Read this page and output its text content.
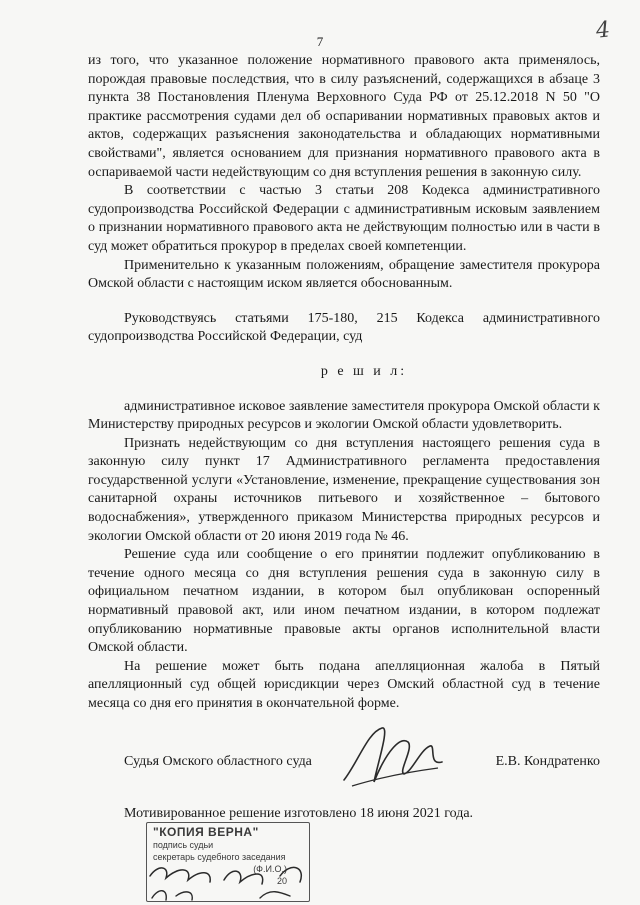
7	4

из того, что указанное положение нормативного правового акта применялось, порождая правовые последствия, что в силу разъяснений, содержащихся в абзаце 3 пункта 38 Постановления Пленума Верховного Суда РФ от 25.12.2018 N 50 "О практике рассмотрения судами дел об оспаривании нормативных правовых актов и актов, содержащих разъяснения законодательства и обладающих нормативными свойствами", является основанием для признания нормативного правового акта в оспариваемой части недействующим со дня вступления решения в законную силу.

В соответствии с частью 3 статьи 208 Кодекса административного судопроизводства Российской Федерации с административным исковым заявлением о признании нормативного правового акта не действующим полностью или в части в суд может обратиться прокурор в пределах своей компетенции.

Применительно к указанным положениям, обращение заместителя прокурора Омской области с настоящим иском является обоснованным.

Руководствуясь статьями 175-180, 215 Кодекса административного судопроизводства Российской Федерации, суд

р е ш и л:

административное исковое заявление заместителя прокурора Омской области к Министерству природных ресурсов и экологии Омской области удовлетворить.

Признать недействующим со дня вступления настоящего решения суда в законную силу пункт 17 Административного регламента предоставления государственной услуги «Установление, изменение, прекращение существования зон санитарной охраны источников питьевого и хозяйственное – бытового водоснабжения», утвержденного приказом Министерства природных ресурсов и экологии Омской области от 20 июня 2019 года № 46.

Решение суда или сообщение о его принятии подлежит опубликованию в течение одного месяца со дня вступления решения суда в законную силу в официальном печатном издании, в котором был опубликован оспоренный нормативный правовой акт, или ином печатном издании, в котором подлежат опубликованию нормативные правовые акты органов исполнительной власти Омской области.

На решение может быть подана апелляционная жалоба в Пятый апелляционный суд общей юрисдикции через Омский областной суд в течение месяца со дня его принятия в окончательной форме.

Судья Омского областного суда	Е.В. Кондратенко
Мотивированное решение изготовлено 18 июня 2021 года.
"КОПИЯ ВЕРНА"
подпись судьи
секретарь судебного заседания
(Ф.И.О.)
20
